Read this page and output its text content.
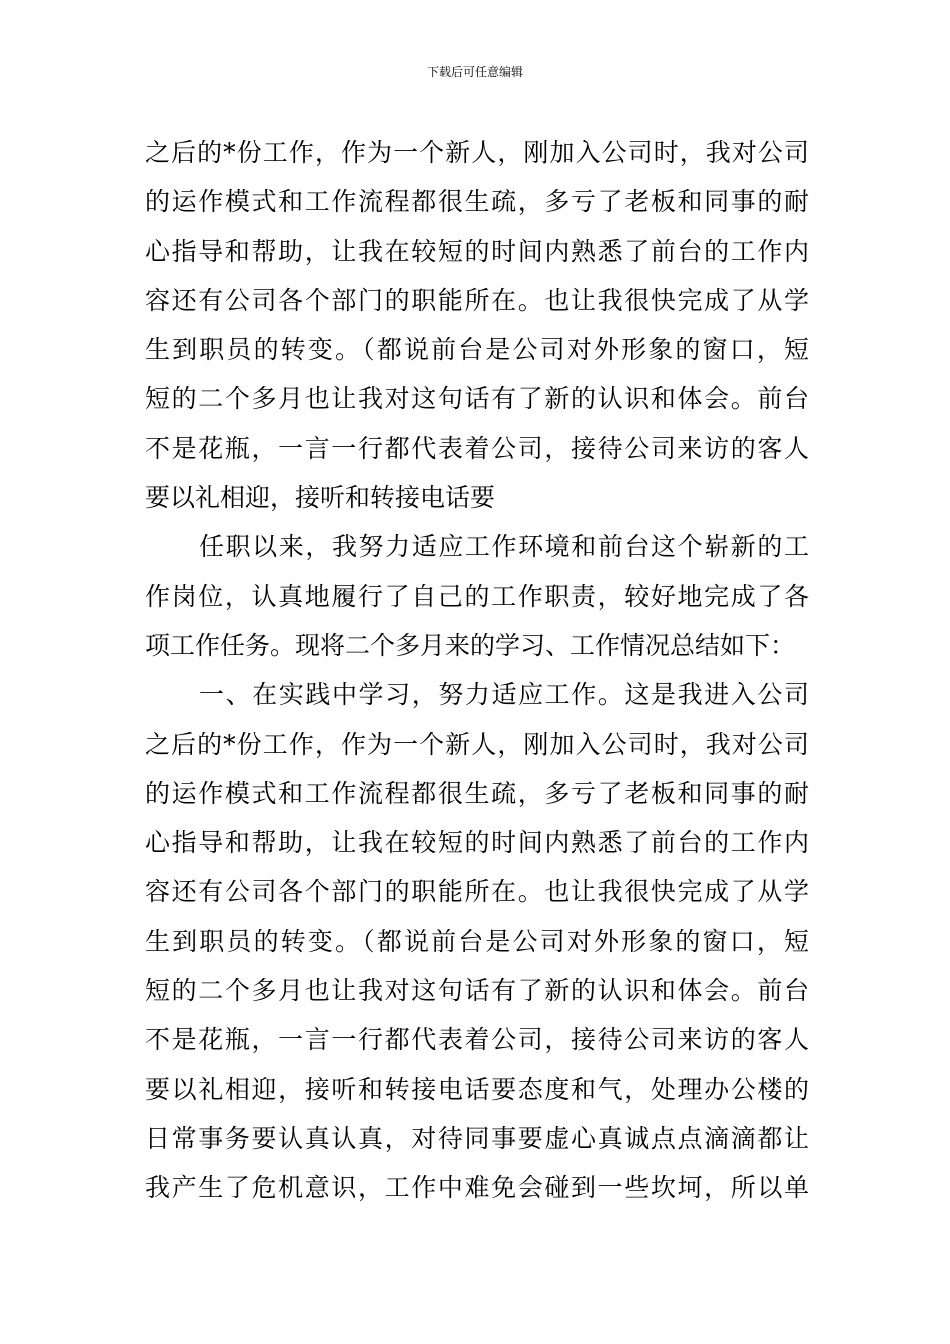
下载后可任意编辑
之后的*份工作，作为一个新人，刚加入公司时，我对公司
的运作模式和工作流程都很生疏，多亏了老板和同事的耐
心指导和帮助，让我在较短的时间内熟悉了前台的工作内
容还有公司各个部门的职能所在。也让我很快完成了从学
生到职员的转变。（都说前台是公司对外形象的窗口，短
短的二个多月也让我对这句话有了新的认识和体会。前台
不是花瓶，一言一行都代表着公司，接待公司来访的客人
要以礼相迎，接听和转接电话要
任职以来，我努力适应工作环境和前台这个崭新的工
作岗位，认真地履行了自己的工作职责，较好地完成了各
项工作任务。现将二个多月来的学习、工作情况总结如下：
一、在实践中学习，努力适应工作。这是我进入公司
之后的*份工作，作为一个新人，刚加入公司时，我对公司
的运作模式和工作流程都很生疏，多亏了老板和同事的耐
心指导和帮助，让我在较短的时间内熟悉了前台的工作内
容还有公司各个部门的职能所在。也让我很快完成了从学
生到职员的转变。（都说前台是公司对外形象的窗口，短
短的二个多月也让我对这句话有了新的认识和体会。前台
不是花瓶，一言一行都代表着公司，接待公司来访的客人
要以礼相迎，接听和转接电话要态度和气，处理办公楼的
日常事务要认真认真，对待同事要虚心真诚点点滴滴都让
我产生了危机意识，工作中难免会碰到一些坎坷，所以单
